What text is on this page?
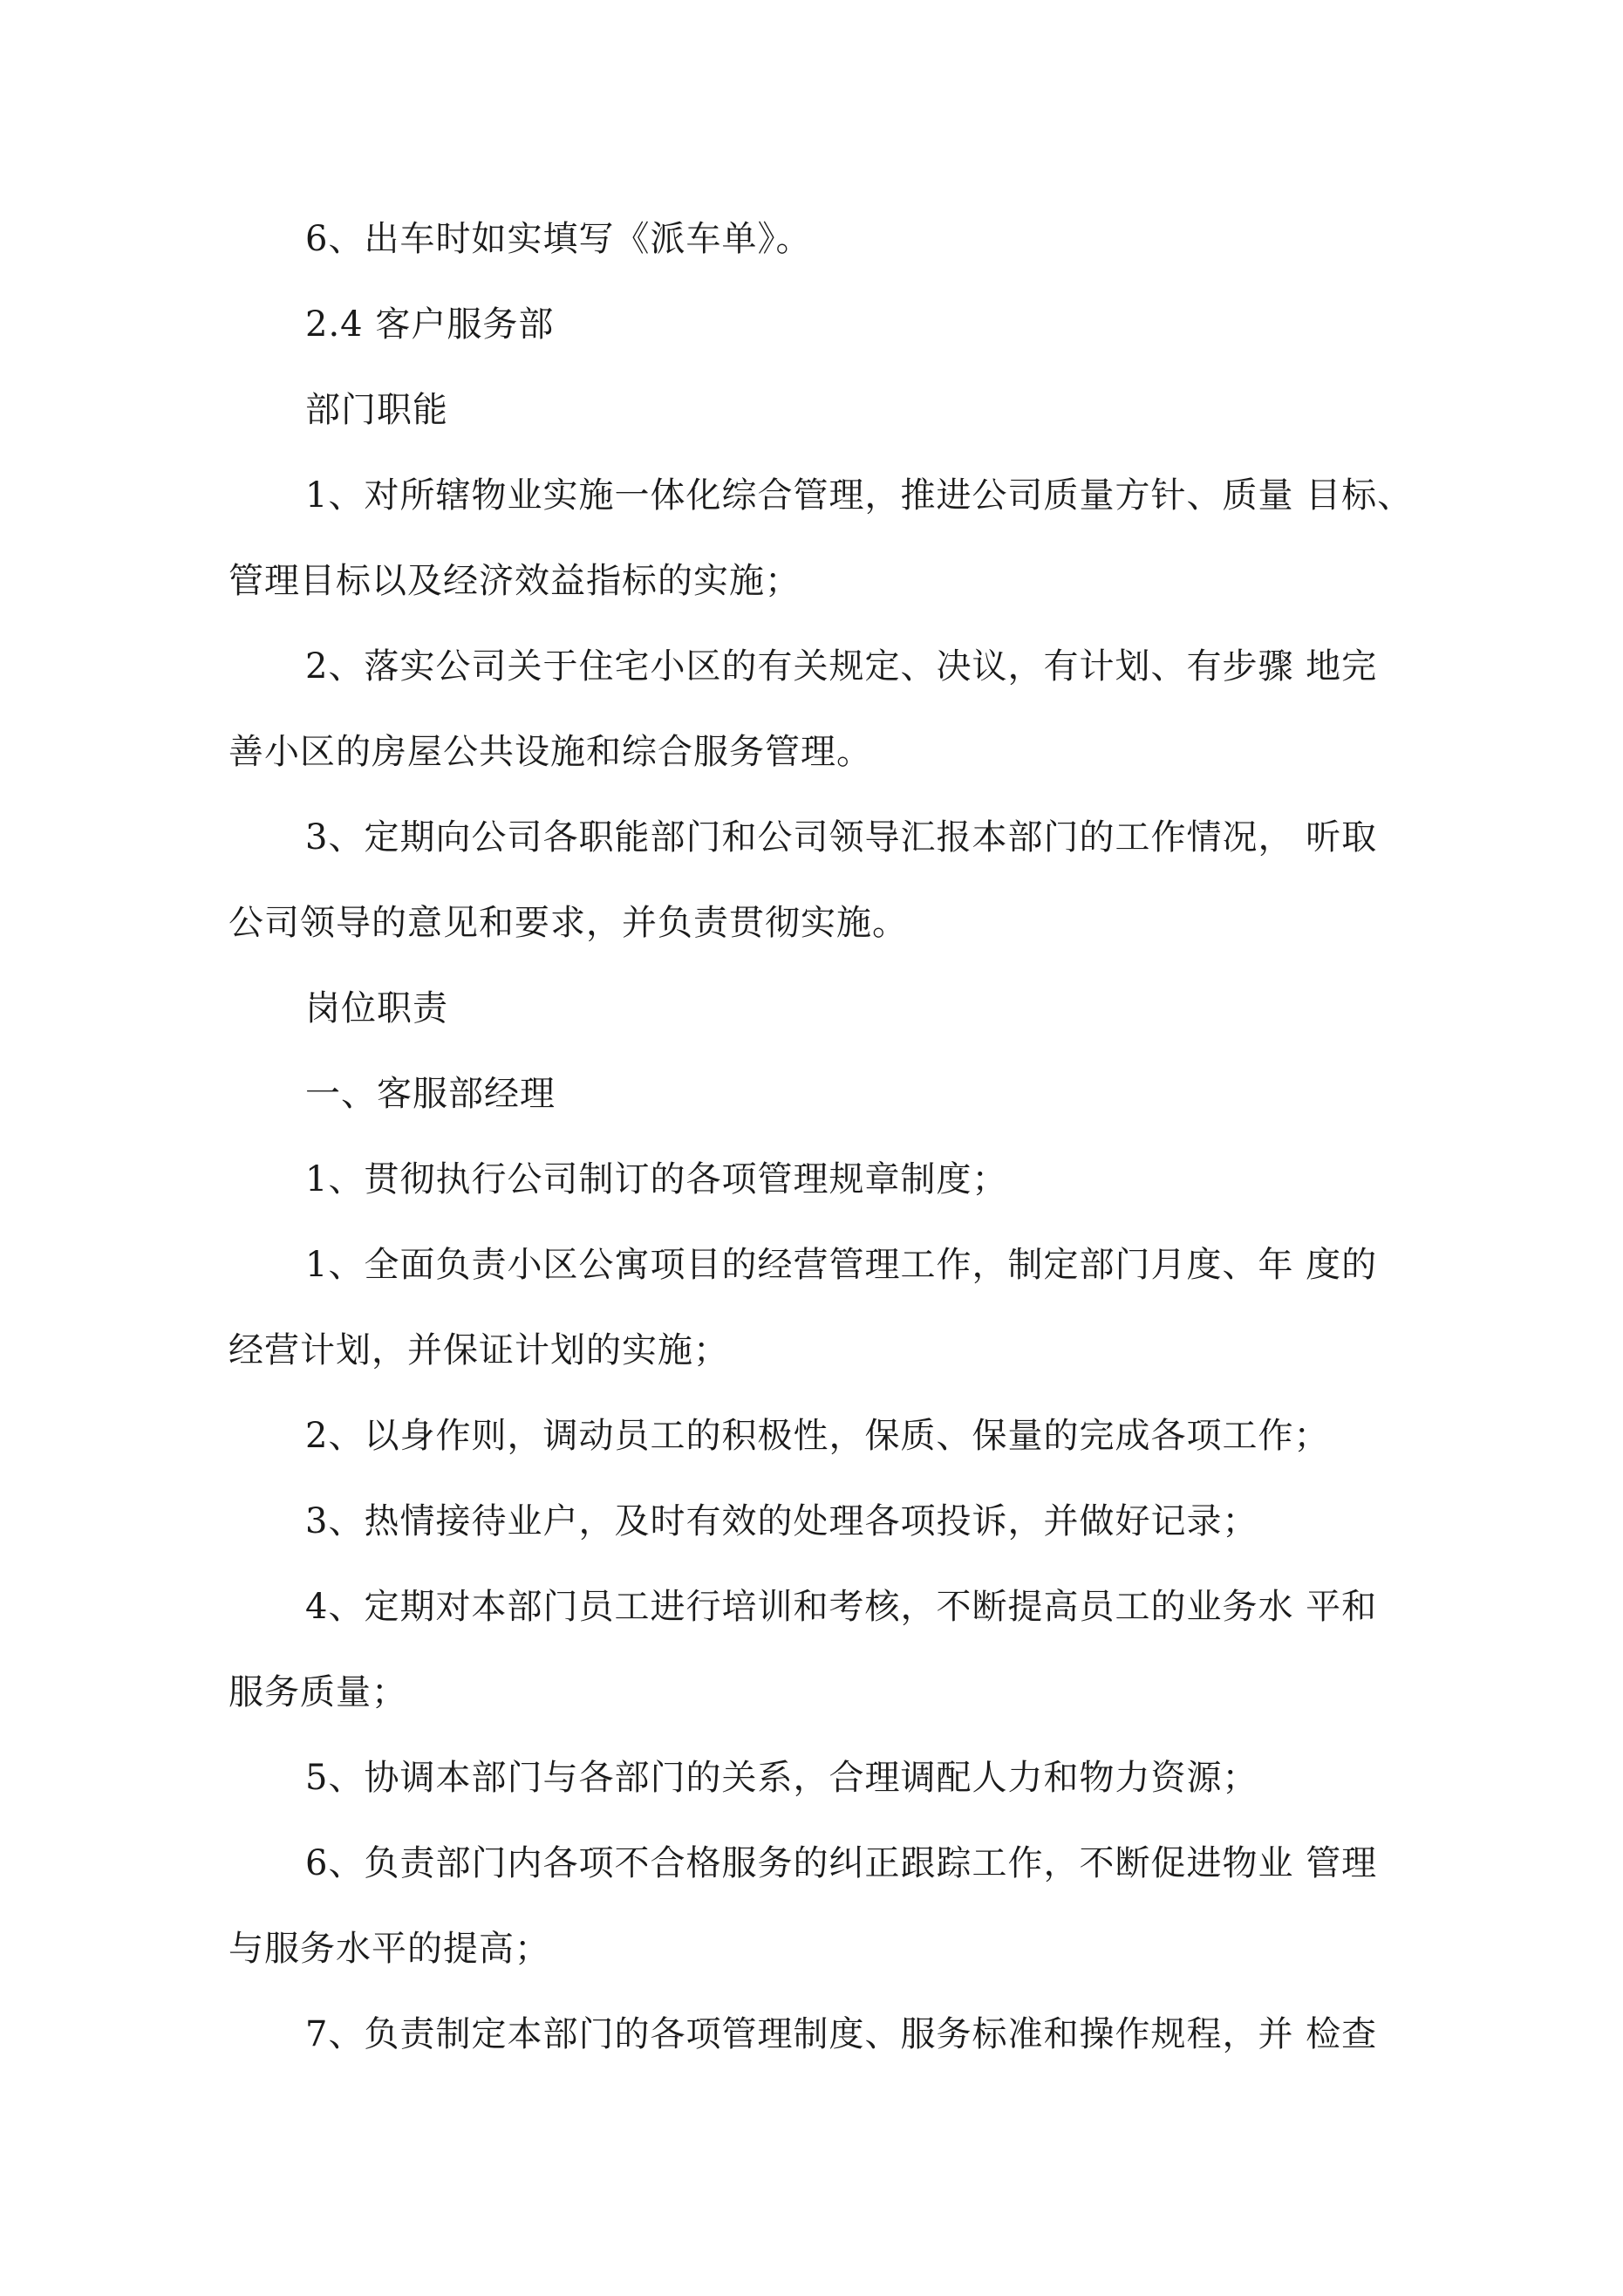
6、出车时如实填写《派车单》。
2.4 客户服务部
部门职能
1、对所辖物业实施一体化综合管理，推进公司质量方针、质量 目标、
管理目标以及经济效益指标的实施；
2、落实公司关于住宅小区的有关规定、决议，有计划、有步骤 地完
善小区的房屋公共设施和综合服务管理。
3、定期向公司各职能部门和公司领导汇报本部门的工作情况， 听取
公司领导的意见和要求，并负责贯彻实施。
岗位职责
一、客服部经理
1、贯彻执行公司制订的各项管理规章制度；
1、全面负责小区公寓项目的经营管理工作，制定部门月度、年 度的
经营计划，并保证计划的实施；
2、以身作则，调动员工的积极性，保质、保量的完成各项工作；
3、热情接待业户，及时有效的处理各项投诉，并做好记录；
4、定期对本部门员工进行培训和考核，不断提高员工的业务水 平和
服务质量；
5、协调本部门与各部门的关系，合理调配人力和物力资源；
6、负责部门内各项不合格服务的纠正跟踪工作，不断促进物业 管理
与服务水平的提高；
7、负责制定本部门的各项管理制度、服务标准和操作规程，并 检查
